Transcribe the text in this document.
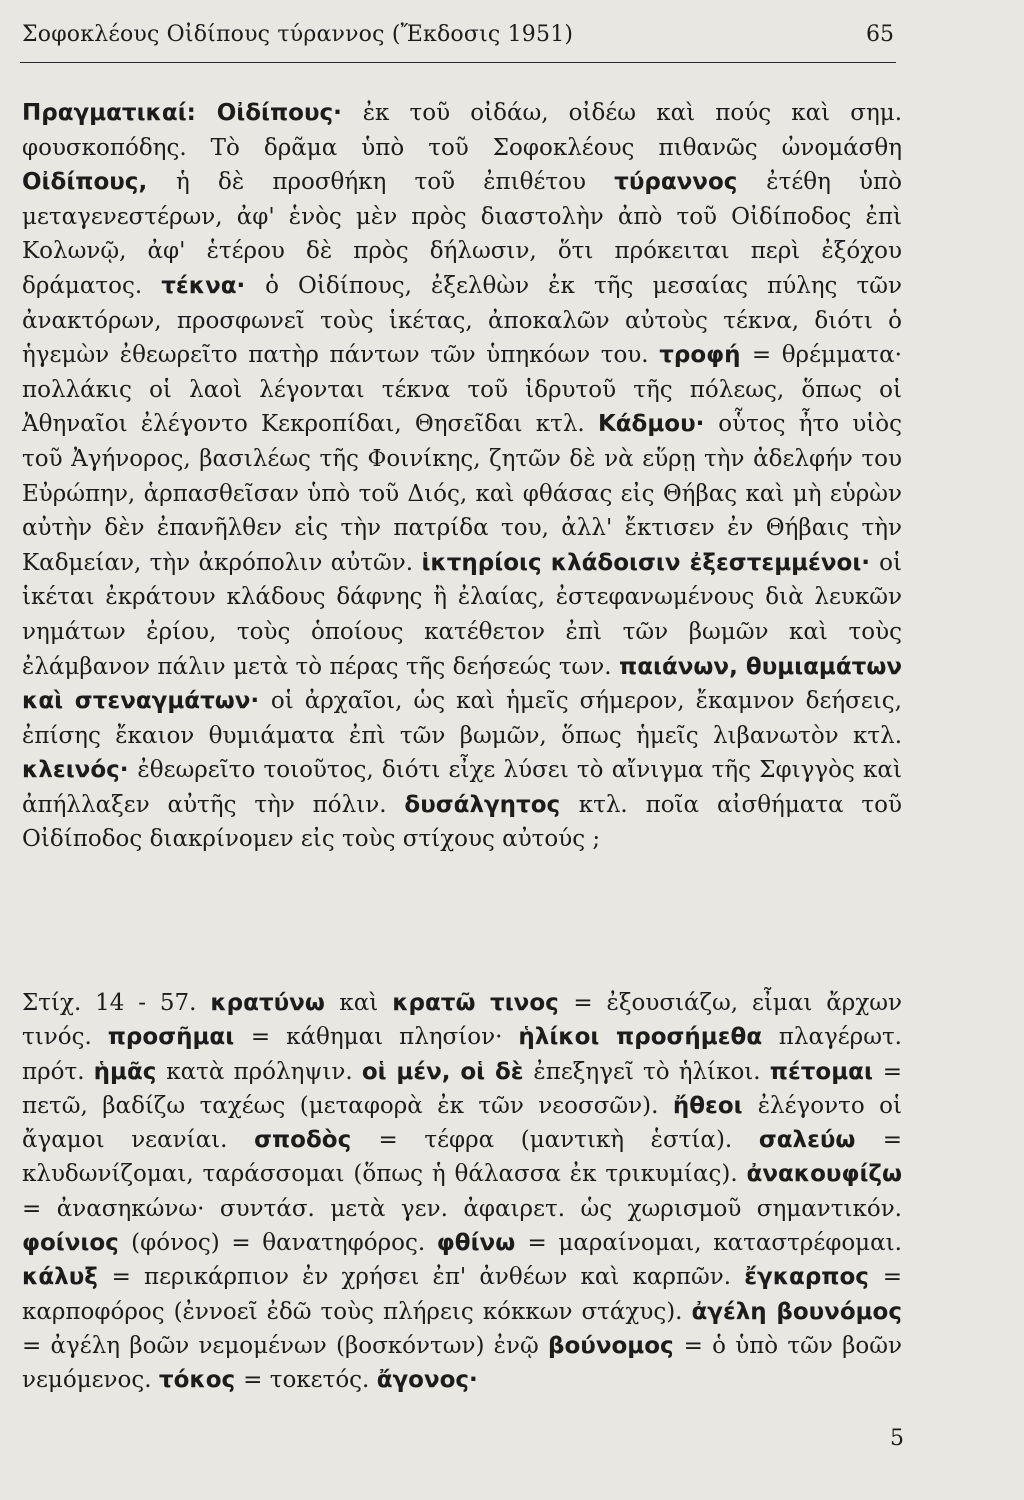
Σοφοκλέους Οἰδίπους τύραννος (Ἔκδοσις 1951)	65

Πραγματικαί: Οἰδίπους· ἐκ τοῦ οἰδάω, οἰδέω καὶ πούς καὶ σημ. φουσκοπόδης. Τὸ δρᾶμα ὑπὸ τοῦ Σοφοκλέους πιθανῶς ὠνομάσθη Οἰδίπους, ἡ δὲ προσθήκη τοῦ ἐπιθέτου τύραννος ἐτέθη ὑπὸ μεταγενεστέρων, ἀφ' ἑνὸς μὲν πρὸς διαστολὴν ἀπὸ τοῦ Οἰδίποδος ἐπὶ Κολωνῷ, ἀφ' ἑτέρου δὲ πρὸς δήλωσιν, ὅτι πρόκειται περὶ ἐξόχου δράματος. τέκνα· ὁ Οἰδίπους, ἐξελθὼν ἐκ τῆς μεσαίας πύλης τῶν ἀνακτόρων, προσφωνεῖ τοὺς ἱκέτας, ἀποκαλῶν αὐτοὺς τέκνα, διότι ὁ ἡγεμὼν ἐθεωρεῖτο πατὴρ πάντων τῶν ὑπηκόων του. τροφή = θρέμματα· πολλάκις οἱ λαοὶ λέγονται τέκνα τοῦ ἱδρυτοῦ τῆς πόλεως, ὅπως οἱ Ἀθηναῖοι ἐλέγοντο Κεκροπίδαι, Θησεῖδαι κτλ. Κάδμου· οὗτος ἦτο υἱὸς τοῦ Ἀγήνορος, βασιλέως τῆς Φοινίκης, ζητῶν δὲ νὰ εὕρῃ τὴν ἀδελφήν του Εὐρώπην, ἁρπασθεῖσαν ὑπὸ τοῦ Διός, καὶ φθάσας εἰς Θήβας καὶ μὴ εὑρὼν αὐτὴν δὲν ἐπανῆλθεν εἰς τὴν πατρίδα του, ἀλλ' ἔκτισεν ἐν Θήβαις τὴν Καδμείαν, τὴν ἀκρόπολιν αὐτῶν. ἱκτηρίοις κλάδοισιν ἐξεστεμμένοι· οἱ ἱκέται ἐκράτουν κλάδους δάφνης ἢ ἐλαίας, ἐστεφανωμένους διὰ λευκῶν νημάτων ἐρίου, τοὺς ὁποίους κατέθετον ἐπὶ τῶν βωμῶν καὶ τοὺς ἐλάμβανον πάλιν μετὰ τὸ πέρας τῆς δεήσεώς των. παιάνων, θυμιαμάτων καὶ στεναγμάτων· οἱ ἀρχαῖοι, ὡς καὶ ἡμεῖς σήμερον, ἔκαμνον δεήσεις, ἐπίσης ἔκαιον θυμιάματα ἐπὶ τῶν βωμῶν, ὅπως ἡμεῖς λιβανωτὸν κτλ. κλεινός· ἐθεωρεῖτο τοιοῦτος, διότι εἶχε λύσει τὸ αἴνιγμα τῆς Σφιγγὸς καὶ ἀπήλλαξεν αὐτῆς τὴν πόλιν. δυσάλγητος κτλ. ποῖα αἰσθήματα τοῦ Οἰδίποδος διακρίνομεν εἰς τοὺς στίχους αὐτούς ;

Στίχ. 14 - 57. κρατύνω καὶ κρατῶ τινος = ἐξουσιάζω, εἶμαι ἄρχων τινός. προσῆμαι = κάθημαι πλησίον· ἡλίκοι προσήμεθα πλαγέρωτ. πρότ. ἡμᾶς κατὰ πρόληψιν. οἱ μέν, οἱ δὲ ἐπεξηγεῖ τὸ ἡλίκοι. πέτομαι = πετῶ, βαδίζω ταχέως (μεταφορὰ ἐκ τῶν νεοσσῶν). ἤθεοι ἐλέγοντο οἱ ἄγαμοι νεανίαι. σποδὸς = τέφρα (μαντικὴ ἑστία). σαλεύω = κλυδωνίζομαι, ταράσσομαι (ὅπως ἡ θάλασσα ἐκ τρικυμίας). ἀνακουφίζω = ἀνασηκώνω· συντάσ. μετὰ γεν. ἀφαιρετ. ὡς χωρισμοῦ σημαντικόν. φοίνιος (φόνος) = θανατηφόρος. φθίνω = μαραίνομαι, καταστρέφομαι. κάλυξ = περικάρπιον ἐν χρήσει ἐπ' ἀνθέων καὶ καρπῶν. ἔγκαρπος = καρποφόρος (ἐννοεῖ ἐδῶ τοὺς πλήρεις κόκκων στάχυς). ἀγέλη βουνόμος = ἀγέλη βοῶν νεμομένων (βοσκόντων) ἐνῷ βούνομος = ὁ ὑπὸ τῶν βοῶν νεμόμενος. τόκος = τοκετός. ἄγονος·

5
